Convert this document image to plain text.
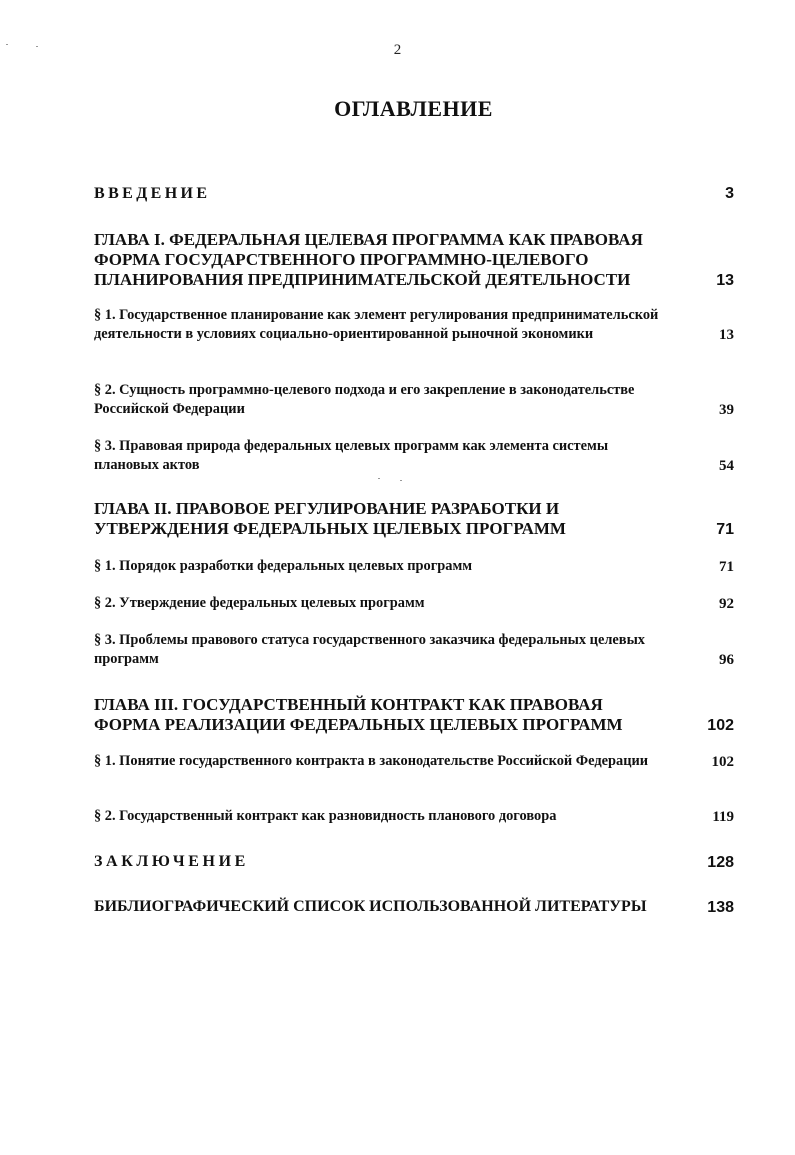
2
ОГЛАВЛЕНИЕ
ВВЕДЕНИЕ	3
ГЛАВА I. ФЕДЕРАЛЬНАЯ ЦЕЛЕВАЯ ПРОГРАММА КАК ПРАВОВАЯ ФОРМА ГОСУДАРСТВЕННОГО ПРОГРАММНО-ЦЕЛЕВОГО ПЛАНИРОВАНИЯ ПРЕДПРИНИМАТЕЛЬСКОЙ ДЕЯТЕЛЬНОСТИ	13
§ 1. Государственное планирование как элемент регулирования предпринимательской деятельности в условиях социально-ориентированной рыночной экономики	13
§ 2. Сущность программно-целевого подхода и его закрепление в законодательстве Российской Федерации	39
§ 3. Правовая природа федеральных целевых программ как элемента системы плановых актов	54
ГЛАВА II. ПРАВОВОЕ РЕГУЛИРОВАНИЕ РАЗРАБОТКИ И УТВЕРЖДЕНИЯ ФЕДЕРАЛЬНЫХ ЦЕЛЕВЫХ ПРОГРАММ	71
§ 1. Порядок разработки федеральных целевых программ	71
§ 2. Утверждение федеральных целевых программ	92
§ 3. Проблемы правового статуса государственного заказчика федеральных целевых программ	96
ГЛАВА III. ГОСУДАРСТВЕННЫЙ КОНТРАКТ КАК ПРАВОВАЯ ФОРМА РЕАЛИЗАЦИИ ФЕДЕРАЛЬНЫХ ЦЕЛЕВЫХ ПРОГРАММ	102
§ 1. Понятие государственного контракта в законодательстве Российской Федерации	102
§ 2. Государственный контракт как разновидность планового договора	119
ЗАКЛЮЧЕНИЕ	128
БИБЛИОГРАФИЧЕСКИЙ СПИСОК ИСПОЛЬЗОВАННОЙ ЛИТЕРАТУРЫ	138
